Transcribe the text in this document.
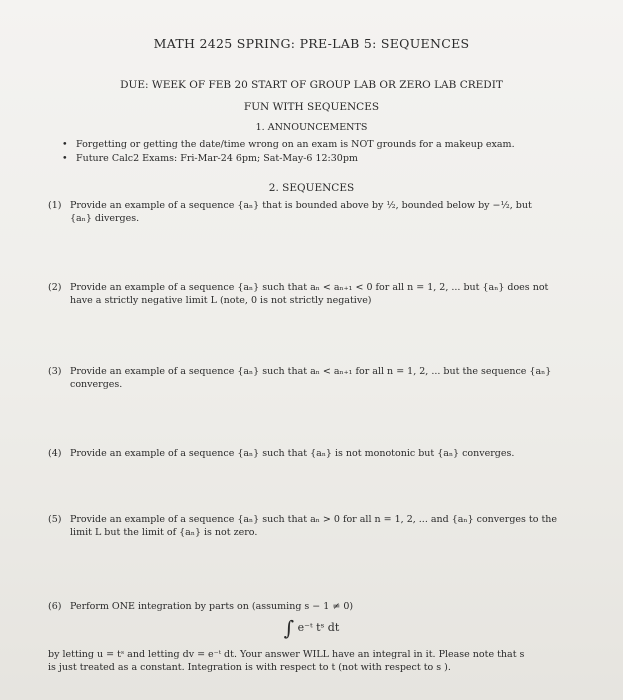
MATH 2425 SPRING: PRE-LAB 5: SEQUENCES
DUE: WEEK OF FEB 20 START OF GROUP LAB OR ZERO LAB CREDIT
FUN WITH SEQUENCES
1. ANNOUNCEMENTS
• Forgetting or getting the date/time wrong on an exam is NOT grounds for a makeup exam.
• Future Calc2 Exams: Fri-Mar-24 6pm; Sat-May-6 12:30pm
2. SEQUENCES
(1) Provide an example of a sequence {aₙ} that is bounded above by ½, bounded below by −½, but
{aₙ} diverges.
(2) Provide an example of a sequence {aₙ} such that aₙ < aₙ₊₁ < 0 for all n = 1, 2, ... but {aₙ} does not
have a strictly negative limit L (note, 0 is not strictly negative)
(3) Provide an example of a sequence {aₙ} such that aₙ < aₙ₊₁ for all n = 1, 2, ... but the sequence {aₙ}
converges.
(4) Provide an example of a sequence {aₙ} such that {aₙ} is not monotonic but {aₙ} converges.
(5) Provide an example of a sequence {aₙ} such that aₙ > 0 for all n = 1, 2, ... and {aₙ} converges to the
limit L but the limit of {aₙ} is not zero.
(6) Perform ONE integration by parts on (assuming s − 1 ≠ 0)
∫ e⁻ᵗ tˢ dt
by letting u = tˢ and letting dv = e⁻ᵗ dt. Your answer WILL have an integral in it. Please note that s
is just treated as a constant. Integration is with respect to t (not with respect to s ).
